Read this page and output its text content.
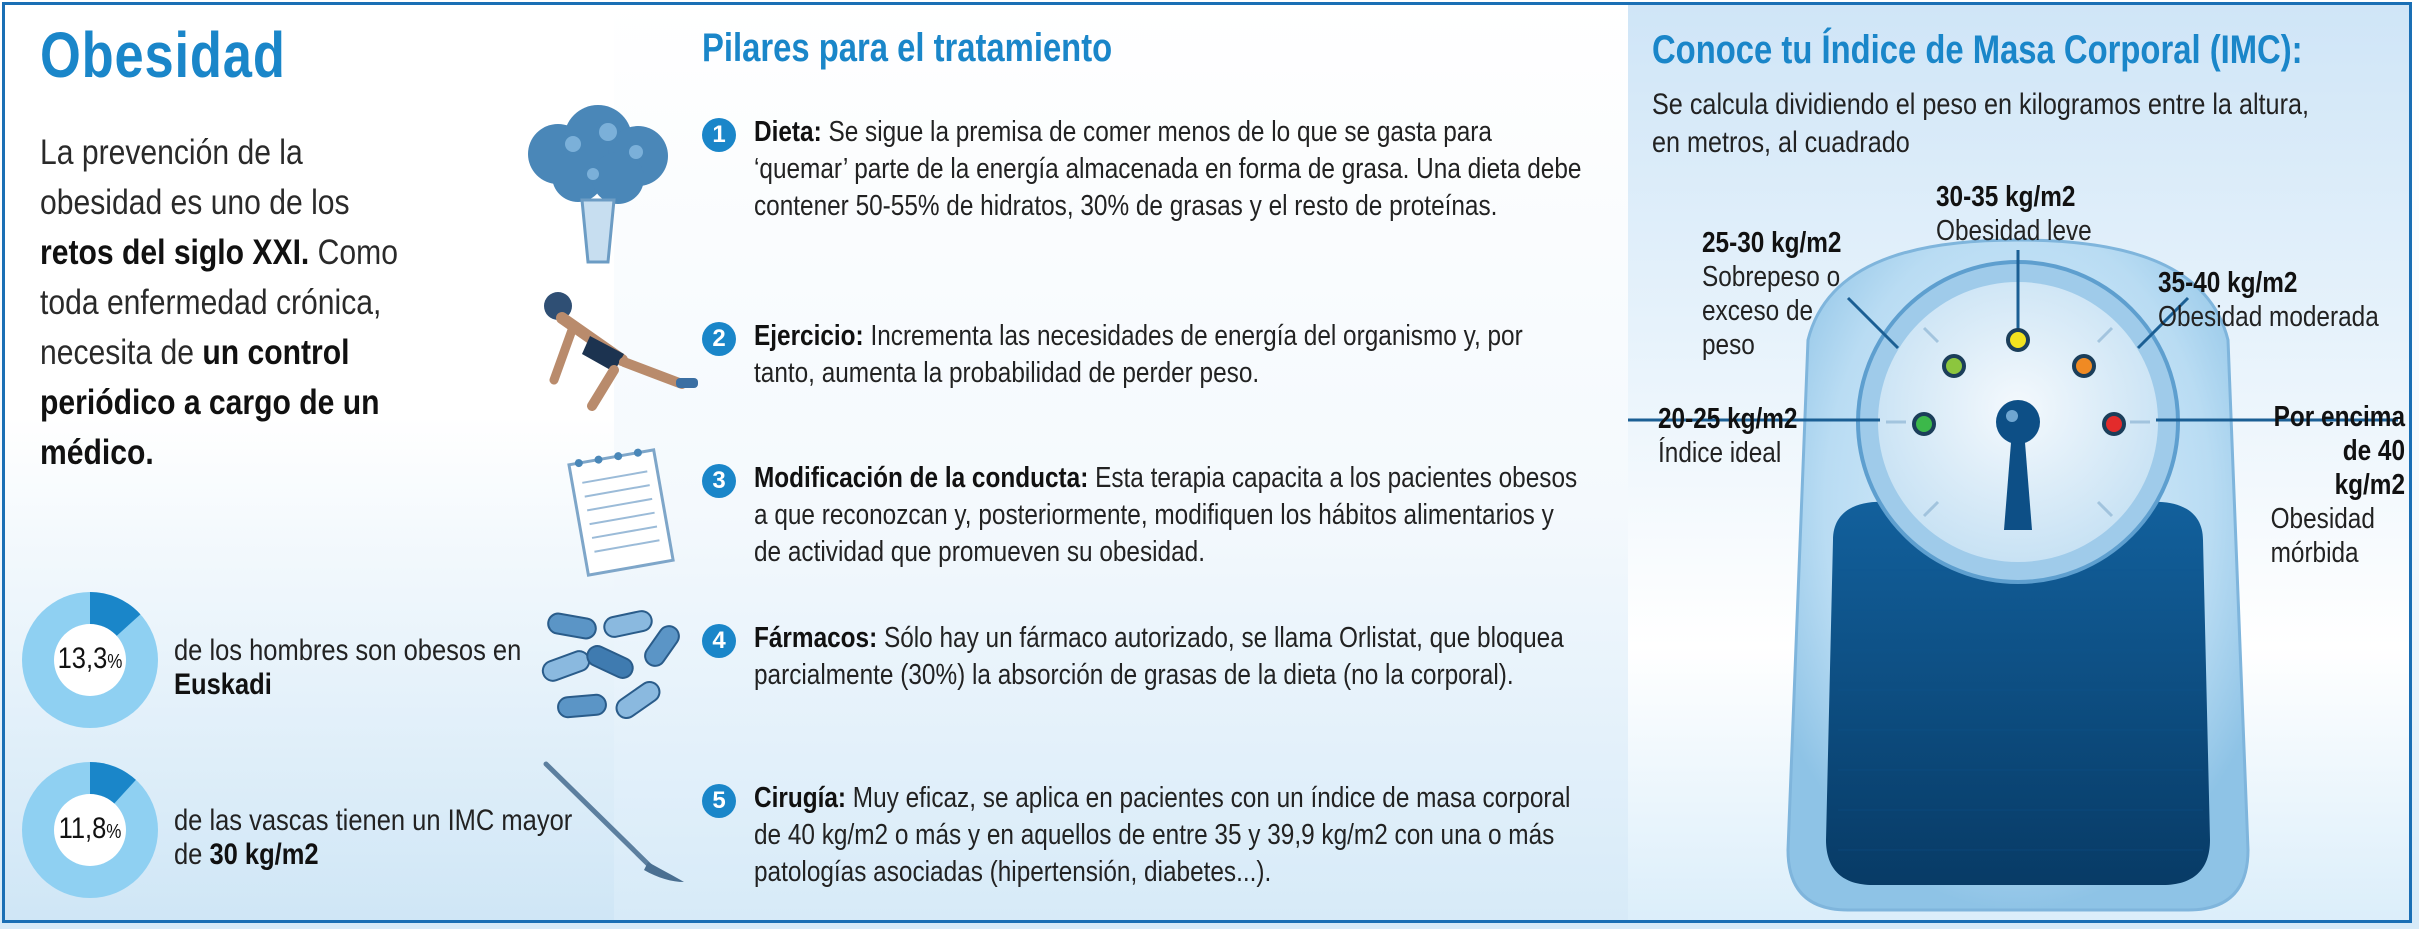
Obesidad
La prevención de la obesidad es uno de los retos del siglo XXI. Como toda enfermedad crónica, necesita de un control periódico a cargo de un médico.
13,3%	de los hombres son obesos en Euskadi
11,8%	de las vascas tienen un IMC mayor de 30 kg/m2
Pilares para el tratamiento
1 Dieta: Se sigue la premisa de comer menos de lo que se gasta para ‘quemar’ parte de la energía almacenada en forma de grasa. Una dieta debe contener 50-55% de hidratos, 30% de grasas y el resto de proteínas.
2 Ejercicio: Incrementa las necesidades de energía del organismo y, por tanto, aumenta la probabilidad de perder peso.
3 Modificación de la conducta: Esta terapia capacita a los pacientes obesos a que reconozcan y, posteriormente, modifiquen los hábitos alimentarios y de actividad que promueven su obesidad.
4 Fármacos: Sólo hay un fármaco autorizado, se llama Orlistat, que bloquea parcialmente (30%) la absorción de grasas de la dieta (no la corporal).
5 Cirugía: Muy eficaz, se aplica en pacientes con un índice de masa corporal de 40 kg/m2 o más y en aquellos de entre 35 y 39,9 kg/m2 con una o más patologías asociadas (hipertensión, diabetes...).
Conoce tu Índice de Masa Corporal (IMC):
Se calcula dividiendo el peso en kilogramos entre la altura, en metros, al cuadrado
25-30 kg/m2
Sobrepeso o exceso de peso
30-35 kg/m2
Obesidad leve
35-40 kg/m2
Obesidad moderada
20-25 kg/m2
Índice ideal
Por encima de 40 kg/m2
Obesidad mórbida
